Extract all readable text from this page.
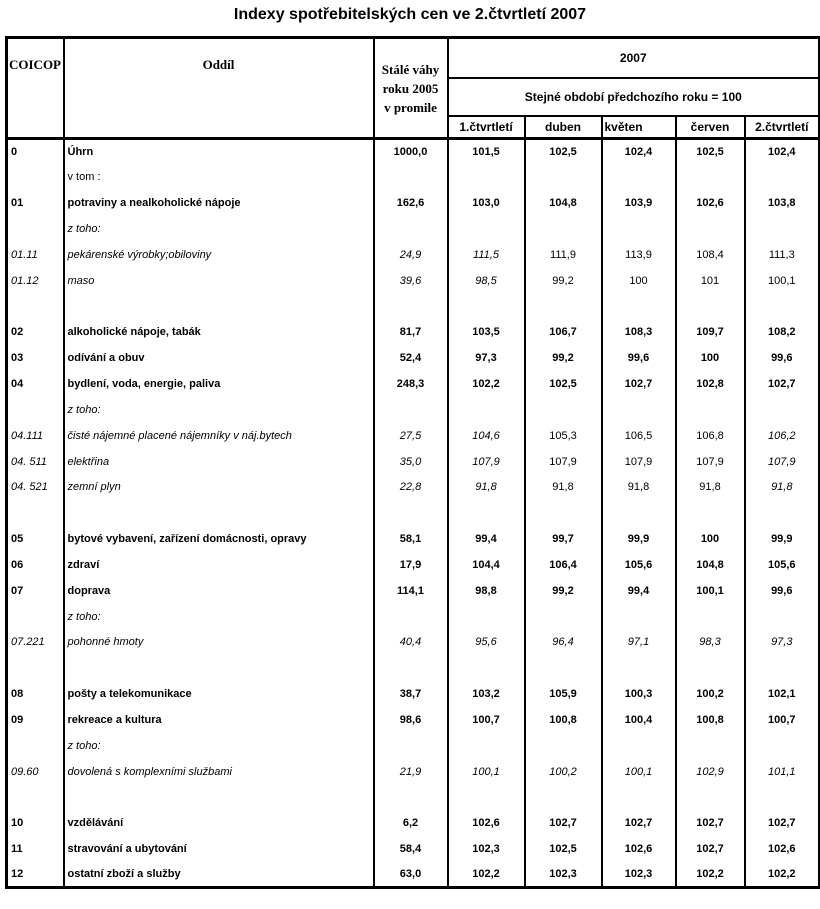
Indexy spotřebitelských cen ve 2.čtvrtletí 2007
COICOP	Oddíl	Stálé váhy
roku 2005
v promile	2007				
			Stejné období předchozího roku = 100				
			1.čtvrtletí	duben	květen	červen	2.čtvrtletí
0	Úhrn	1000,0	101,5	102,5	102,4	102,5	102,4
	v tom :						
01	potraviny a nealkoholické nápoje	162,6	103,0	104,8	103,9	102,6	103,8
	z toho:						
01.11	pekárenské výrobky;obiloviny	24,9	111,5	111,9	113,9	108,4	111,3
01.12	maso	39,6	98,5	99,2	100	101	100,1

02	alkoholické nápoje, tabák	81,7	103,5	106,7	108,3	109,7	108,2
03	odívání a obuv	52,4	97,3	99,2	99,6	100	99,6
04	bydlení, voda, energie, paliva	248,3	102,2	102,5	102,7	102,8	102,7
	z toho:						
04.111	čisté nájemné placené nájemníky v náj.bytech	27,5	104,6	105,3	106,5	106,8	106,2
04. 511	elektřina	35,0	107,9	107,9	107,9	107,9	107,9
04. 521	zemní plyn	22,8	91,8	91,8	91,8	91,8	91,8

05	bytové vybavení, zařízení domácnosti, opravy	58,1	99,4	99,7	99,9	100	99,9
06	zdraví	17,9	104,4	106,4	105,6	104,8	105,6
07	doprava	114,1	98,8	99,2	99,4	100,1	99,6
	z toho:						
07.221	pohonné hmoty	40,4	95,6	96,4	97,1	98,3	97,3

08	pošty a telekomunikace	38,7	103,2	105,9	100,3	100,2	102,1
09	rekreace a kultura	98,6	100,7	100,8	100,4	100,8	100,7
	z toho:						
09.60	dovolená s komplexními službami	21,9	100,1	100,2	100,1	102,9	101,1

10	vzdělávání	6,2	102,6	102,7	102,7	102,7	102,7
11	stravování a ubytování	58,4	102,3	102,5	102,6	102,7	102,6
12	ostatní zboží a služby	63,0	102,2	102,3	102,3	102,2	102,2
